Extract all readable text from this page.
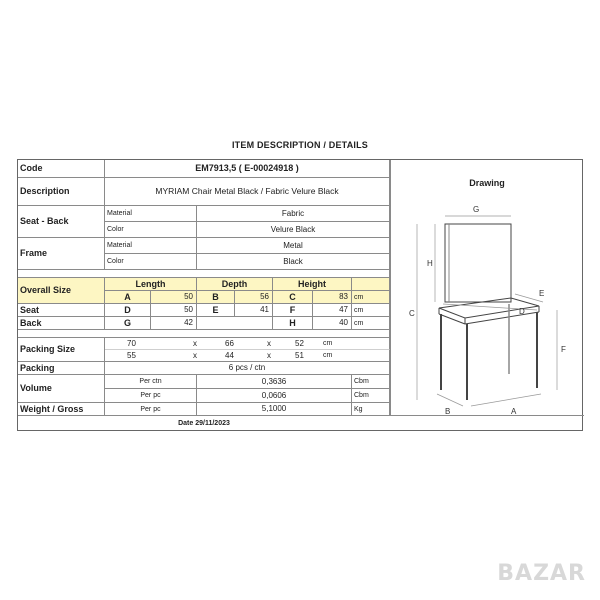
ITEM DESCRIPTION / DETAILS
Code	EM7913,5 ( E-00024918 )
Description	MYRIAM Chair Metal Black / Fabric Velure Black
Drawing
G
H
C
E
D
F
B	A
Seat - Back
Material	Fabric
Color	Velure Black
Frame
Material	Metal
Color	Black
Overall Size
Length	Depth	Height
A	50	B	56	C	83 cm
Seat	D	50	E	41	F	47 cm
Back	G	42	H	40 cm
Packing Size
70	x	66	x	52	cm
55	x	44	x	51	cm
Packing	6 pcs / ctn
Volume
Per ctn	0,3636	Cbm
Per pc	0,0606	Cbm
Weight / Gross	Per pc	5,1000	Kg
Date 29/11/2023
BAZAR
